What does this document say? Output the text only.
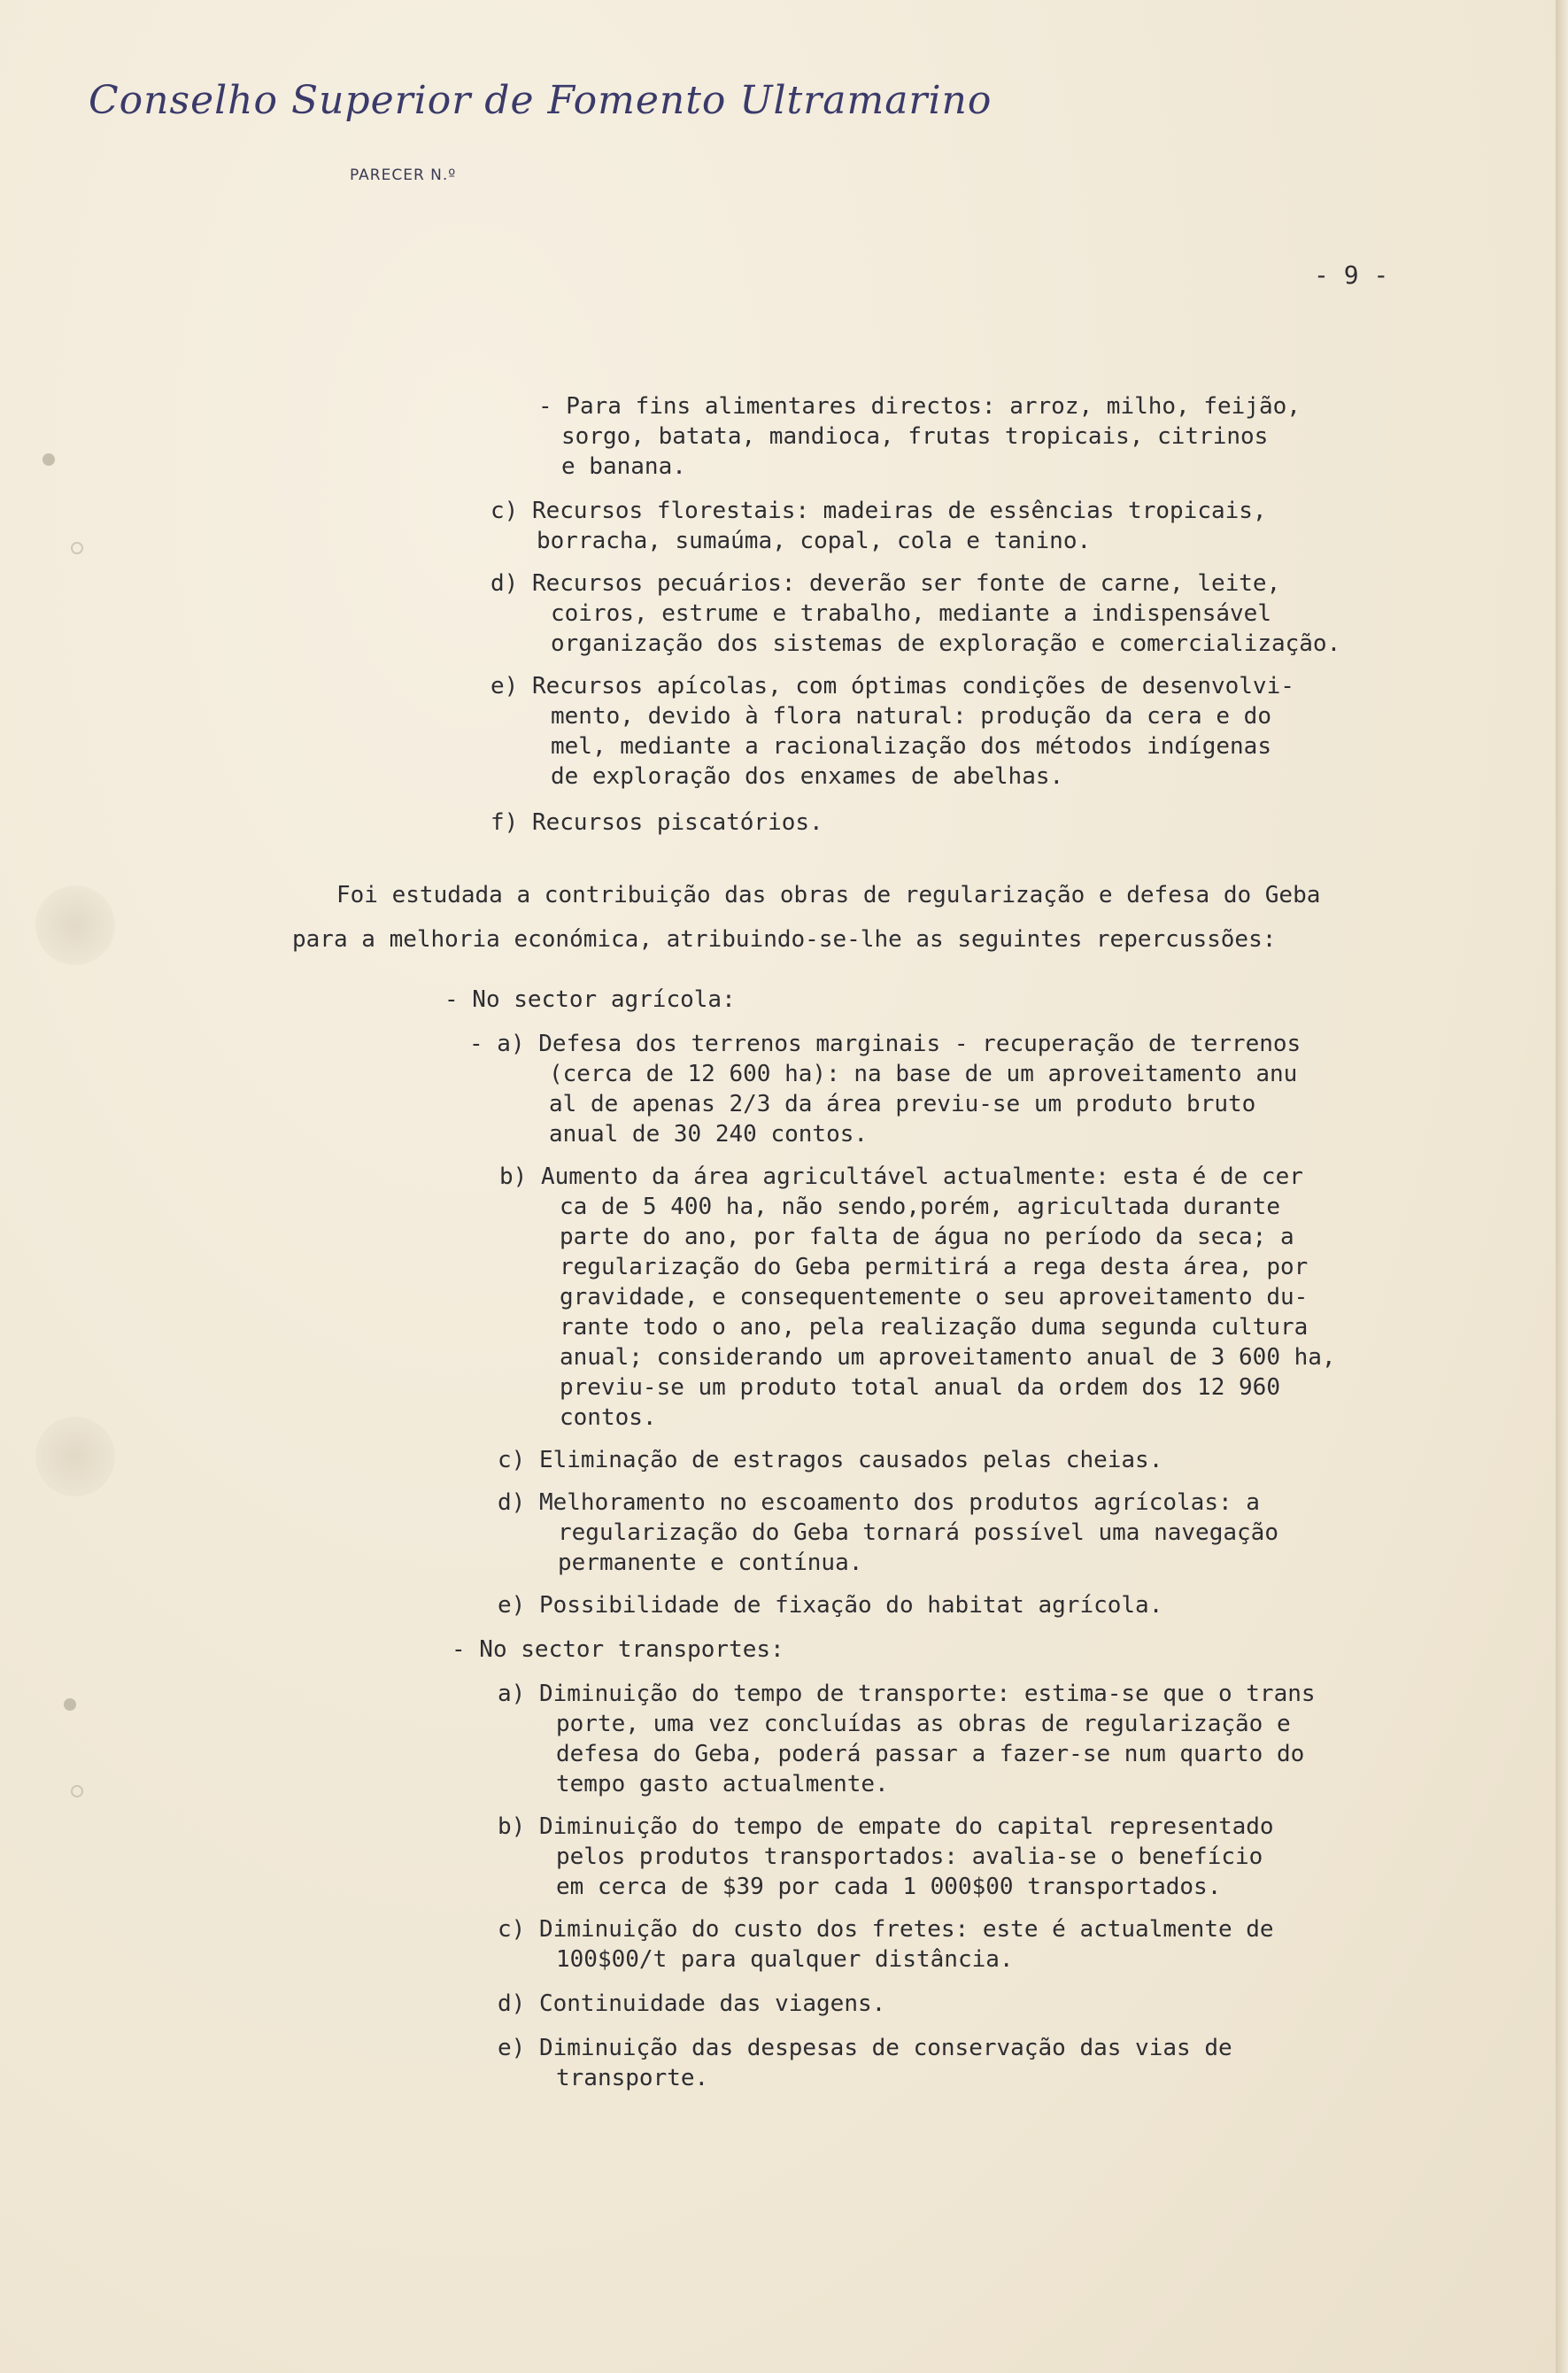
Conselho Superior de Fomento Ultramarino
PARECER N.º
- 9 -

- Para fins alimentares directos: arroz, milho, feijão,
sorgo, batata, mandioca, frutas tropicais, citrinos
e banana.

c) Recursos florestais: madeiras de essências tropicais,
borracha, sumaúma, copal, cola e tanino.

d) Recursos pecuários: deverão ser fonte de carne, leite,
coiros, estrume e trabalho, mediante a indispensável
organização dos sistemas de exploração e comercialização.

e) Recursos apícolas, com óptimas condições de desenvolvi-
mento, devido à flora natural: produção da cera e do
mel, mediante a racionalização dos métodos indígenas
de exploração dos enxames de abelhas.

f) Recursos piscatórios.

Foi estudada a contribuição das obras de regularização e defesa do Geba

para a melhoria económica, atribuindo-se-lhe as seguintes repercussões:

- No sector agrícola:

- a) Defesa dos terrenos marginais - recuperação de terrenos
(cerca de 12 600 ha): na base de um aproveitamento anu
al de apenas 2/3 da área previu-se um produto bruto
anual de 30 240 contos.

b) Aumento da área agricultável actualmente: esta é de cer
ca de 5 400 ha, não sendo,porém, agricultada durante
parte do ano, por falta de água no período da seca; a
regularização do Geba permitirá a rega desta área, por
gravidade, e consequentemente o seu aproveitamento du-
rante todo o ano, pela realização duma segunda cultura
anual; considerando um aproveitamento anual de 3 600 ha,
previu-se um produto total anual da ordem dos 12 960
contos.

c) Eliminação de estragos causados pelas cheias.

d) Melhoramento no escoamento dos produtos agrícolas: a
regularização do Geba tornará possível uma navegação
permanente e contínua.

e) Possibilidade de fixação do habitat agrícola.

- No sector transportes:

a) Diminuição do tempo de transporte: estima-se que o trans
porte, uma vez concluídas as obras de regularização e
defesa do Geba, poderá passar a fazer-se num quarto do
tempo gasto actualmente.

b) Diminuição do tempo de empate do capital representado
pelos produtos transportados: avalia-se o benefício
em cerca de $39 por cada 1 000$00 transportados.

c) Diminuição do custo dos fretes: este é actualmente de
100$00/t para qualquer distância.

d) Continuidade das viagens.

e) Diminuição das despesas de conservação das vias de
transporte.
